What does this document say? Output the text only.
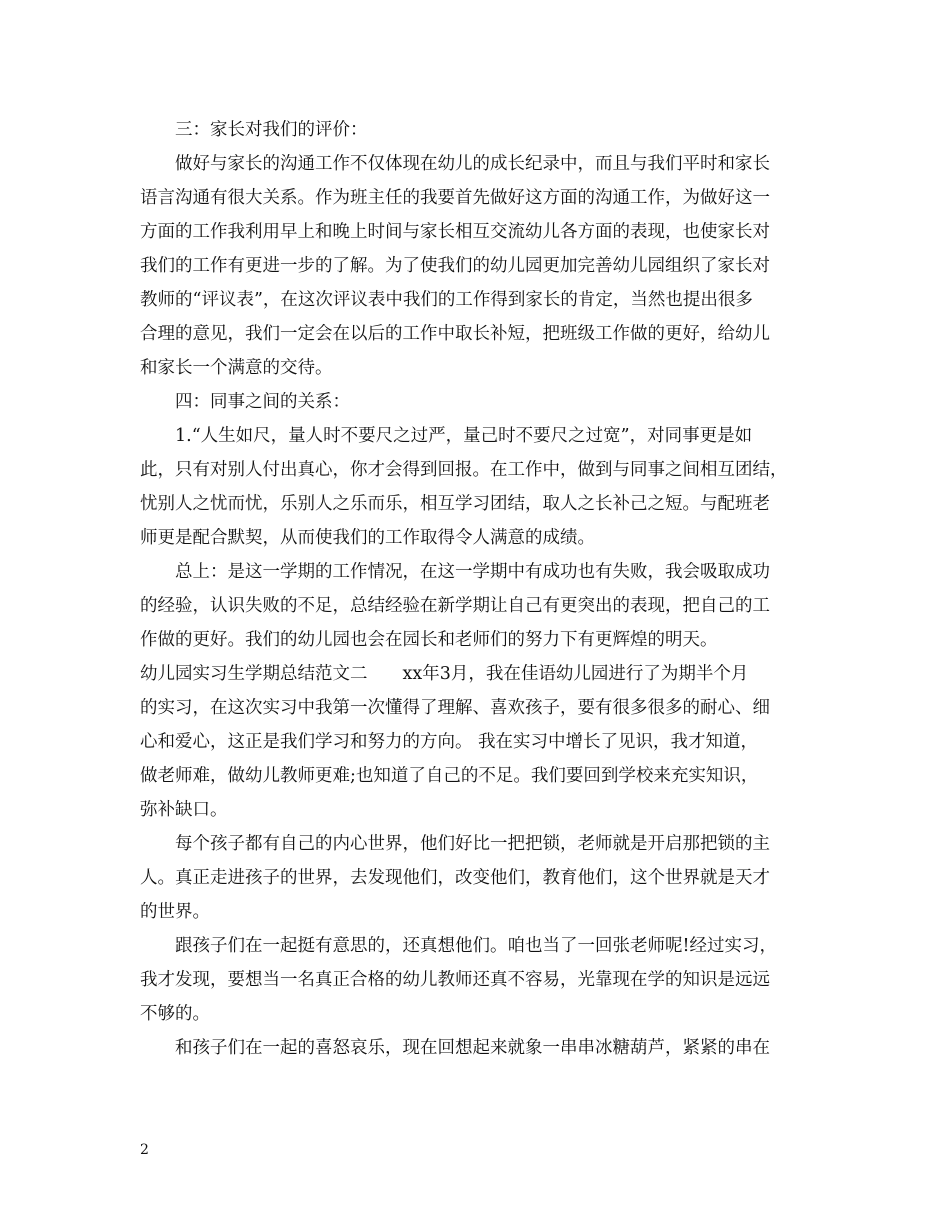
　　三：家长对我们的评价：
　　做好与家长的沟通工作不仅体现在幼儿的成长纪录中，而且与我们平时和家长
语言沟通有很大关系。作为班主任的我要首先做好这方面的沟通工作，为做好这一
方面的工作我利用早上和晚上时间与家长相互交流幼儿各方面的表现，也使家长对
我们的工作有更进一步的了解。为了使我们的幼儿园更加完善幼儿园组织了家长对
教师的“评议表”，在这次评议表中我们的工作得到家长的肯定，当然也提出很多
合理的意见，我们一定会在以后的工作中取长补短，把班级工作做的更好，给幼儿
和家长一个满意的交待。
　　四：同事之间的关系：
　　1.“人生如尺，量人时不要尺之过严，量己时不要尺之过宽”，对同事更是如
此，只有对别人付出真心，你才会得到回报。在工作中，做到与同事之间相互团结，
忧别人之忧而忧，乐别人之乐而乐，相互学习团结，取人之长补己之短。与配班老
师更是配合默契，从而使我们的工作取得令人满意的成绩。
　　总上：是这一学期的工作情况，在这一学期中有成功也有失败，我会吸取成功
的经验，认识失败的不足，总结经验在新学期让自己有更突出的表现，把自己的工
作做的更好。我们的幼儿园也会在园长和老师们的努力下有更辉煌的明天。
幼儿园实习生学期总结范文二　　xx年3月，我在佳语幼儿园进行了为期半个月
的实习，在这次实习中我第一次懂得了理解、喜欢孩子，要有很多很多的耐心、细
心和爱心，这正是我们学习和努力的方向。 我在实习中增长了见识，我才知道，
做老师难，做幼儿教师更难;也知道了自己的不足。我们要回到学校来充实知识，
弥补缺口。
　　每个孩子都有自己的内心世界，他们好比一把把锁，老师就是开启那把锁的主
人。真正走进孩子的世界，去发现他们，改变他们，教育他们，这个世界就是天才
的世界。
　　跟孩子们在一起挺有意思的，还真想他们。咱也当了一回张老师呢!经过实习，
我才发现，要想当一名真正合格的幼儿教师还真不容易，光靠现在学的知识是远远
不够的。
　　和孩子们在一起的喜怒哀乐，现在回想起来就象一串串冰糖葫芦，紧紧的串在
2
